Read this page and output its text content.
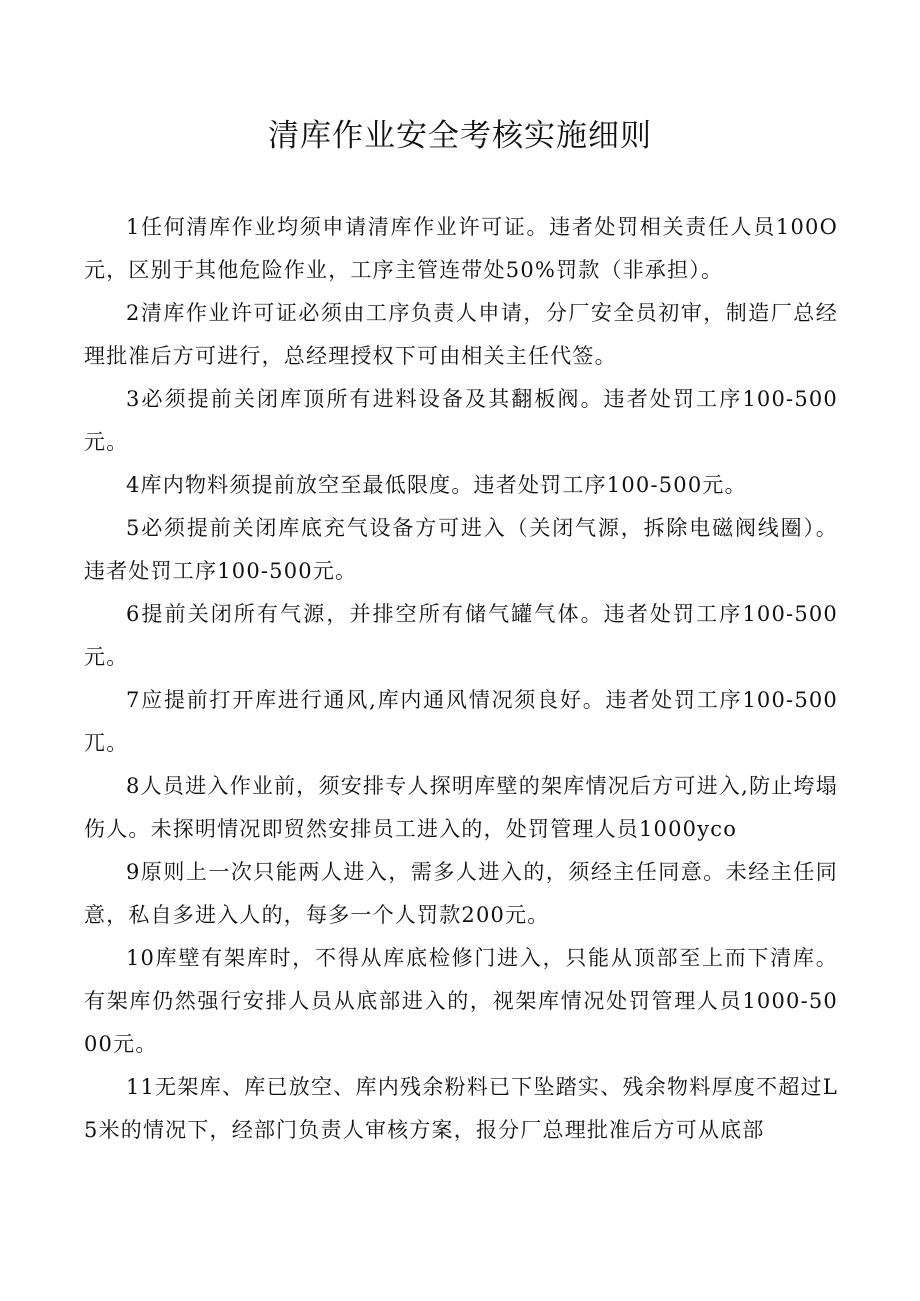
清库作业安全考核实施细则

1任何清库作业均须申请清库作业许可证。违者处罚相关责任人员100O元，区别于其他危险作业，工序主管连带处50%罚款（非承担）。

2清库作业许可证必须由工序负责人申请，分厂安全员初审，制造厂总经理批准后方可进行，总经理授权下可由相关主任代签。

3必须提前关闭库顶所有进料设备及其翻板阀。违者处罚工序100-500元。

4库内物料须提前放空至最低限度。违者处罚工序100-500元。

5必须提前关闭库底充气设备方可进入（关闭气源，拆除电磁阀线圈）。违者处罚工序100-500元。

6提前关闭所有气源，并排空所有储气罐气体。违者处罚工序100-500元。

7应提前打开库进行通风,库内通风情况须良好。违者处罚工序100-500兀。

8人员进入作业前，须安排专人探明库壁的架库情况后方可进入,防止垮塌伤人。未探明情况即贸然安排员工进入的，处罚管理人员1000yco

9原则上一次只能两人进入，需多人进入的，须经主任同意。未经主任同意，私自多进入人的，每多一个人罚款200元。

10库壁有架库时，不得从库底检修门进入，只能从顶部至上而下清库。有架库仍然强行安排人员从底部进入的，视架库情况处罚管理人员1000-5000元。

11无架库、库已放空、库内残余粉料已下坠踏实、残余物料厚度不超过L5米的情况下，经部门负责人审核方案，报分厂总理批准后方可从底部
